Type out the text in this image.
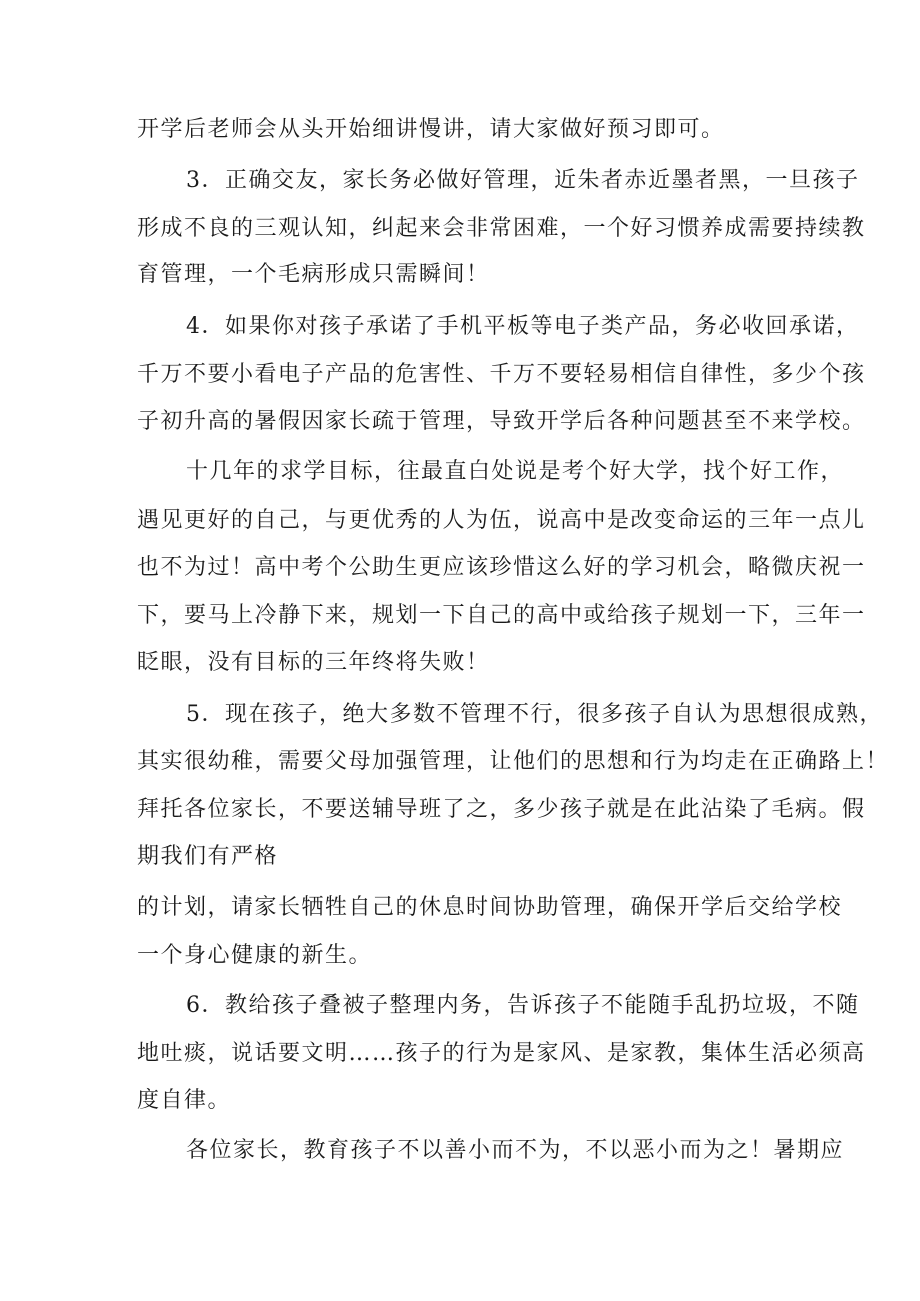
开学后老师会从头开始细讲慢讲，请大家做好预习即可。
3．正确交友，家长务必做好管理，近朱者赤近墨者黑，一旦孩子
形成不良的三观认知，纠起来会非常困难，一个好习惯养成需要持续教
育管理，一个毛病形成只需瞬间！
4．如果你对孩子承诺了手机平板等电子类产品，务必收回承诺，
千万不要小看电子产品的危害性、千万不要轻易相信自律性，多少个孩
子初升高的暑假因家长疏于管理，导致开学后各种问题甚至不来学校。
十几年的求学目标，往最直白处说是考个好大学，找个好工作，
遇见更好的自己，与更优秀的人为伍，说高中是改变命运的三年一点儿
也不为过！高中考个公助生更应该珍惜这么好的学习机会，略微庆祝一
下，要马上冷静下来，规划一下自己的高中或给孩子规划一下，三年一
眨眼，没有目标的三年终将失败！
5．现在孩子，绝大多数不管理不行，很多孩子自认为思想很成熟，
其实很幼稚，需要父母加强管理，让他们的思想和行为均走在正确路上！
拜托各位家长，不要送辅导班了之，多少孩子就是在此沾染了毛病。假
期我们有严格
的计划，请家长牺牲自己的休息时间协助管理，确保开学后交给学校
一个身心健康的新生。
6．教给孩子叠被子整理内务，告诉孩子不能随手乱扔垃圾，不随
地吐痰，说话要文明……孩子的行为是家风、是家教，集体生活必须高
度自律。
各位家长，教育孩子不以善小而不为，不以恶小而为之！暑期应
